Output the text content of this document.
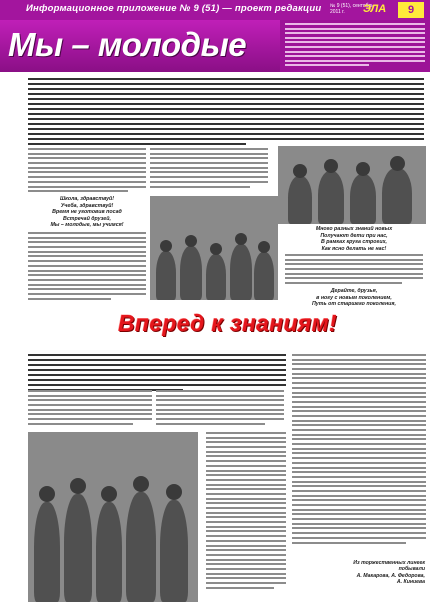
Информационное приложение № 9 (51) — проект редакции № 9 (51), сентябрь 2011 г.	ЭЛА	9
Мы – молодые
Школа, здравствуй!
Учеба, здравствуй!
Время не уготовив посад
Встречай друзей,
Мы – молодые, мы учимся!
Много разных знаний новых
Получают дети при нас,
В рамках круга строгих,
Как ясно делать не нас!
Дерайте, друзья,
в ногу с новым поколением,
Путь от старшего поколения,
Вперед к знаниям!
Из торжественных линеек
побывали
А. Макарова, А. Федорова,
А. Киниева
